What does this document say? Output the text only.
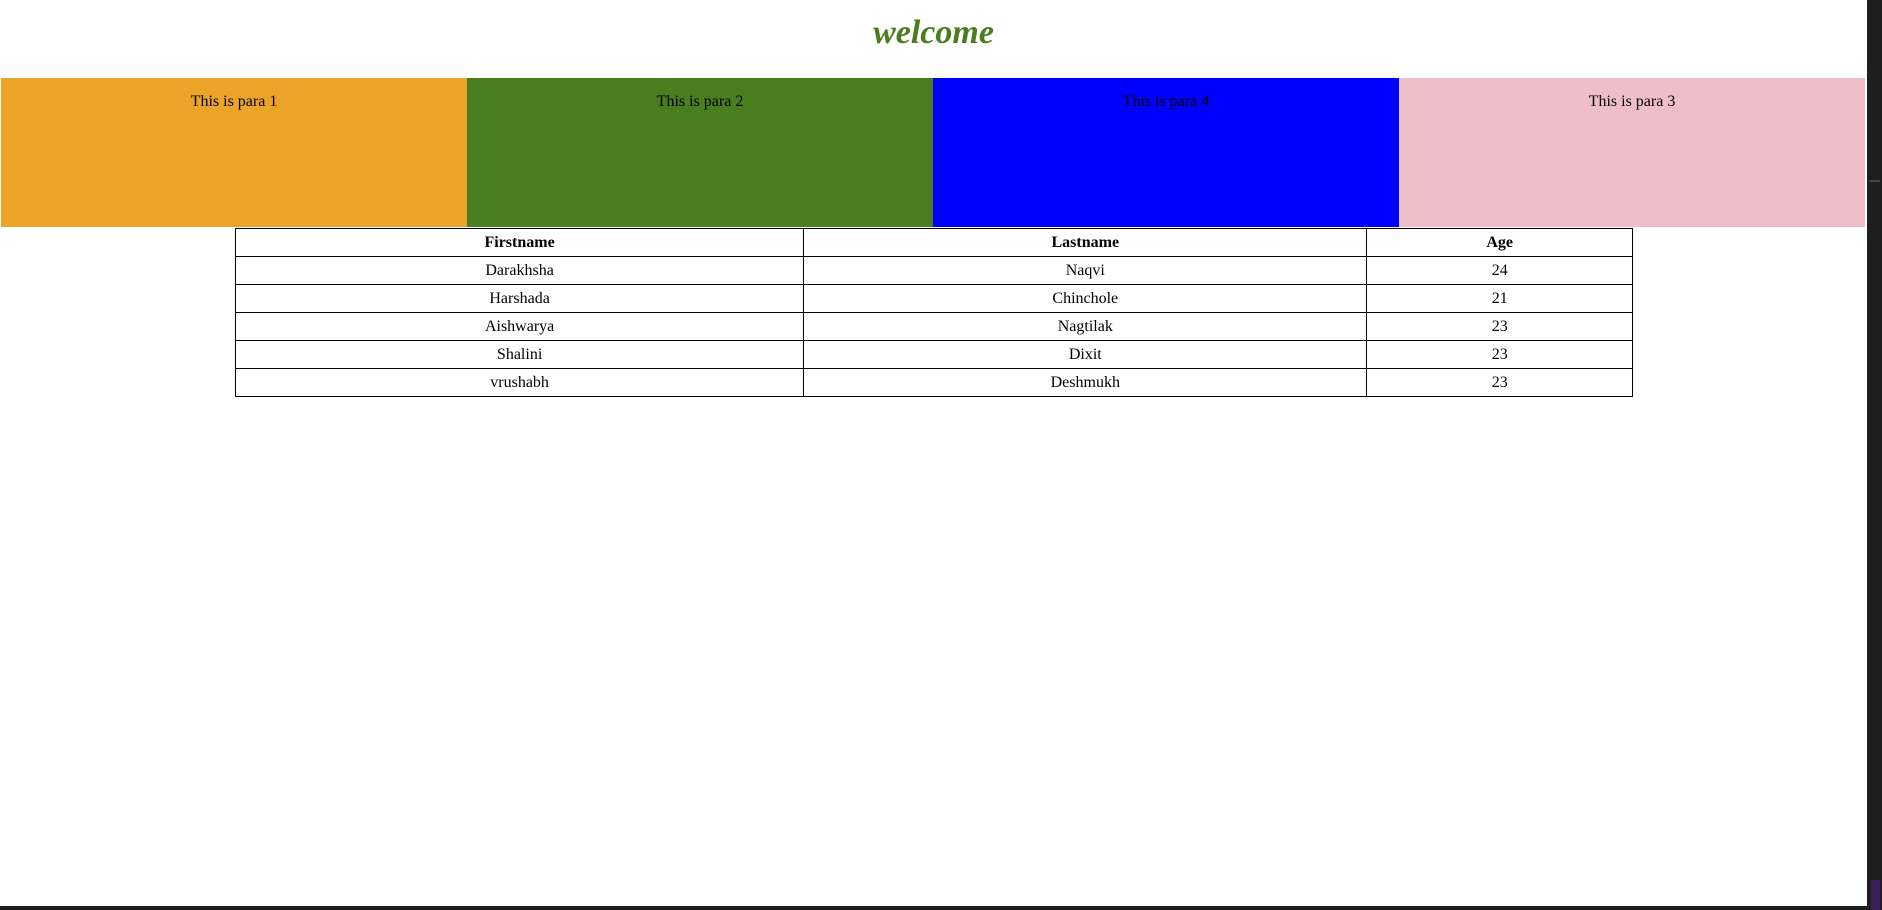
welcome
This is para 1	This is para 2	This is para 4	This is para 3
Firstname	Lastname	Age
Darakhsha	Naqvi	24
Harshada	Chinchole	21
Aishwarya	Nagtilak	23
Shalini	Dixit	23
vrushabh	Deshmukh	23
